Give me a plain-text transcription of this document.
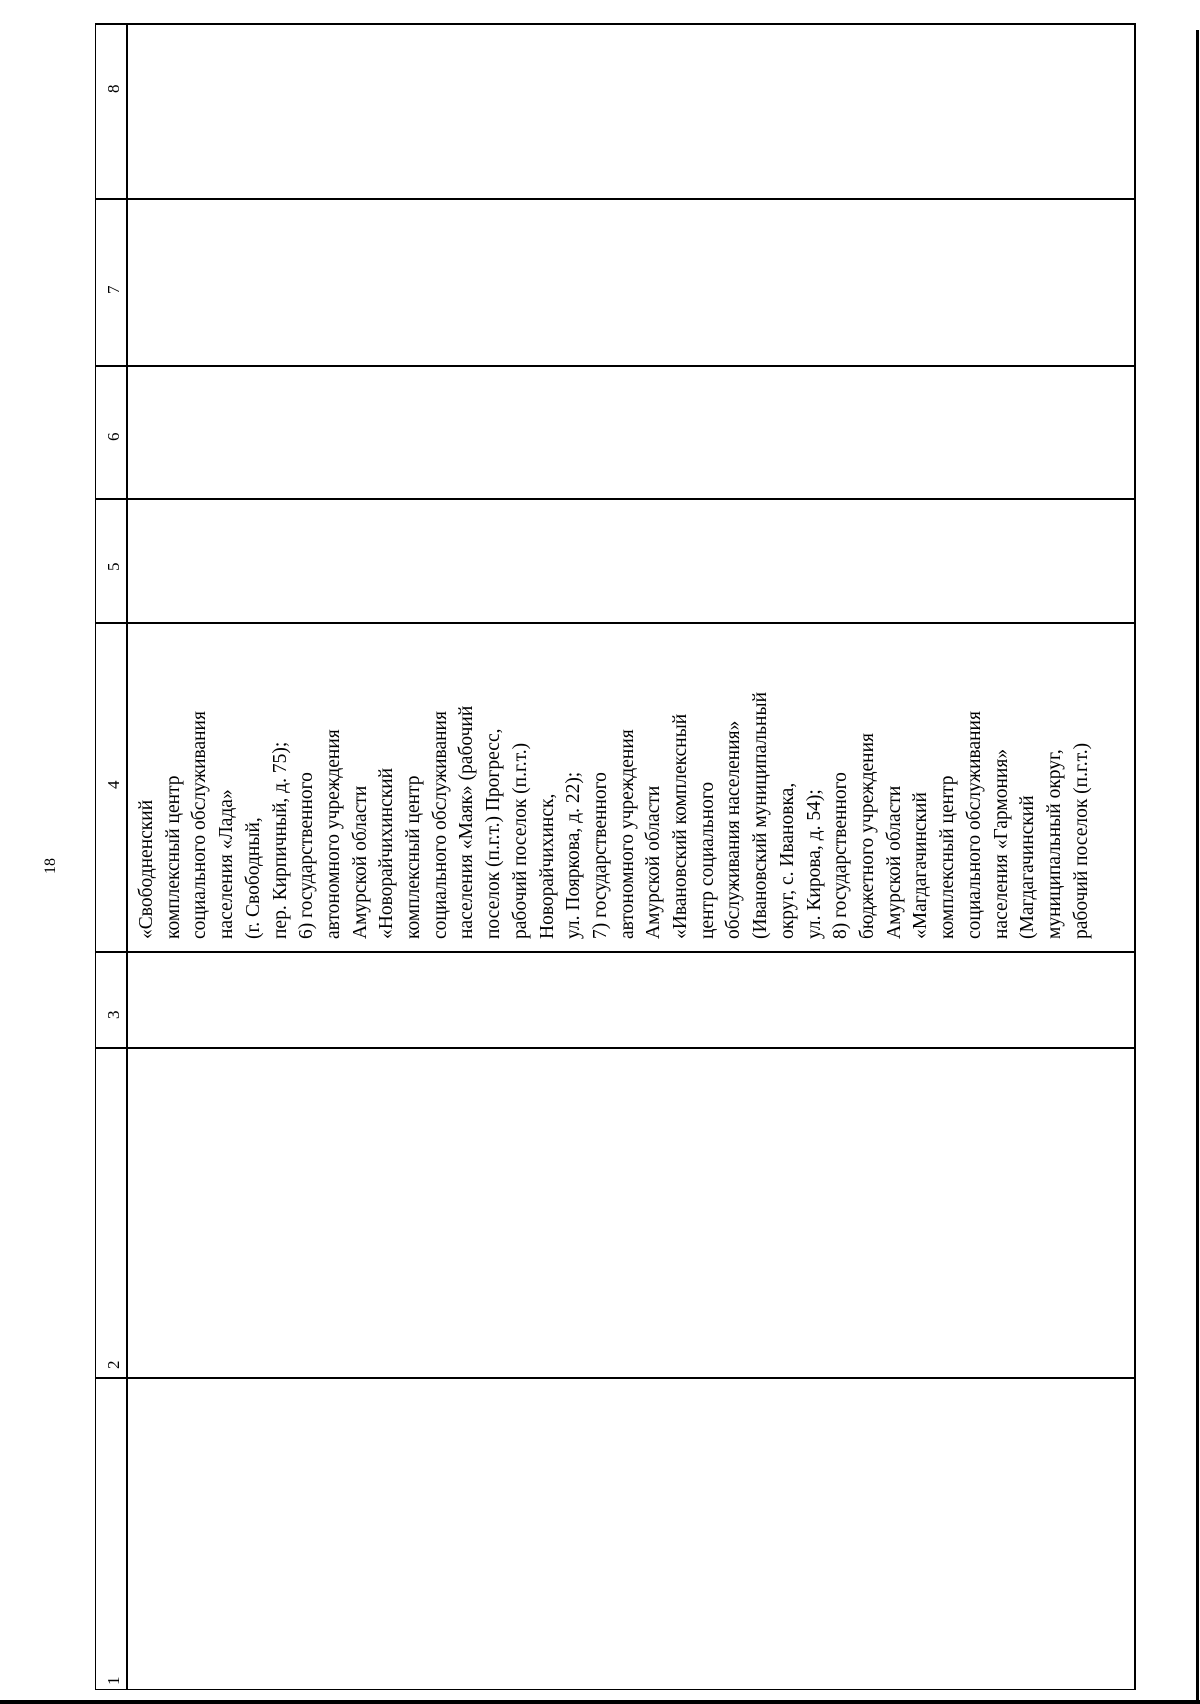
18
1
2
3
4
5
6
7
8
«Свободненский комплексный центр социального обслуживания населения «Лада» (г. Свободный, пер. Кирпичный, д. 75); 6) государственного автономного учреждения Амурской области «Новорайчихинский комплексный центр социального обслуживания населения «Маяк» (рабочий поселок (п.г.т.) Прогресс, рабочий поселок (п.г.т.) Новорайчихинск, ул. Пояркова, д. 22); 7) государственного автономного учреждения Амурской области «Ивановский комплексный центр социального обслуживания населения» (Ивановский муниципальный округ, с. Ивановка, ул. Кирова, д. 54); 8) государственного бюджетного учреждения Амурской области «Магдагачинский комплексный центр социального обслуживания населения «Гармония» (Магдагачинский муниципальный округ, рабочий поселок (п.г.т.)
